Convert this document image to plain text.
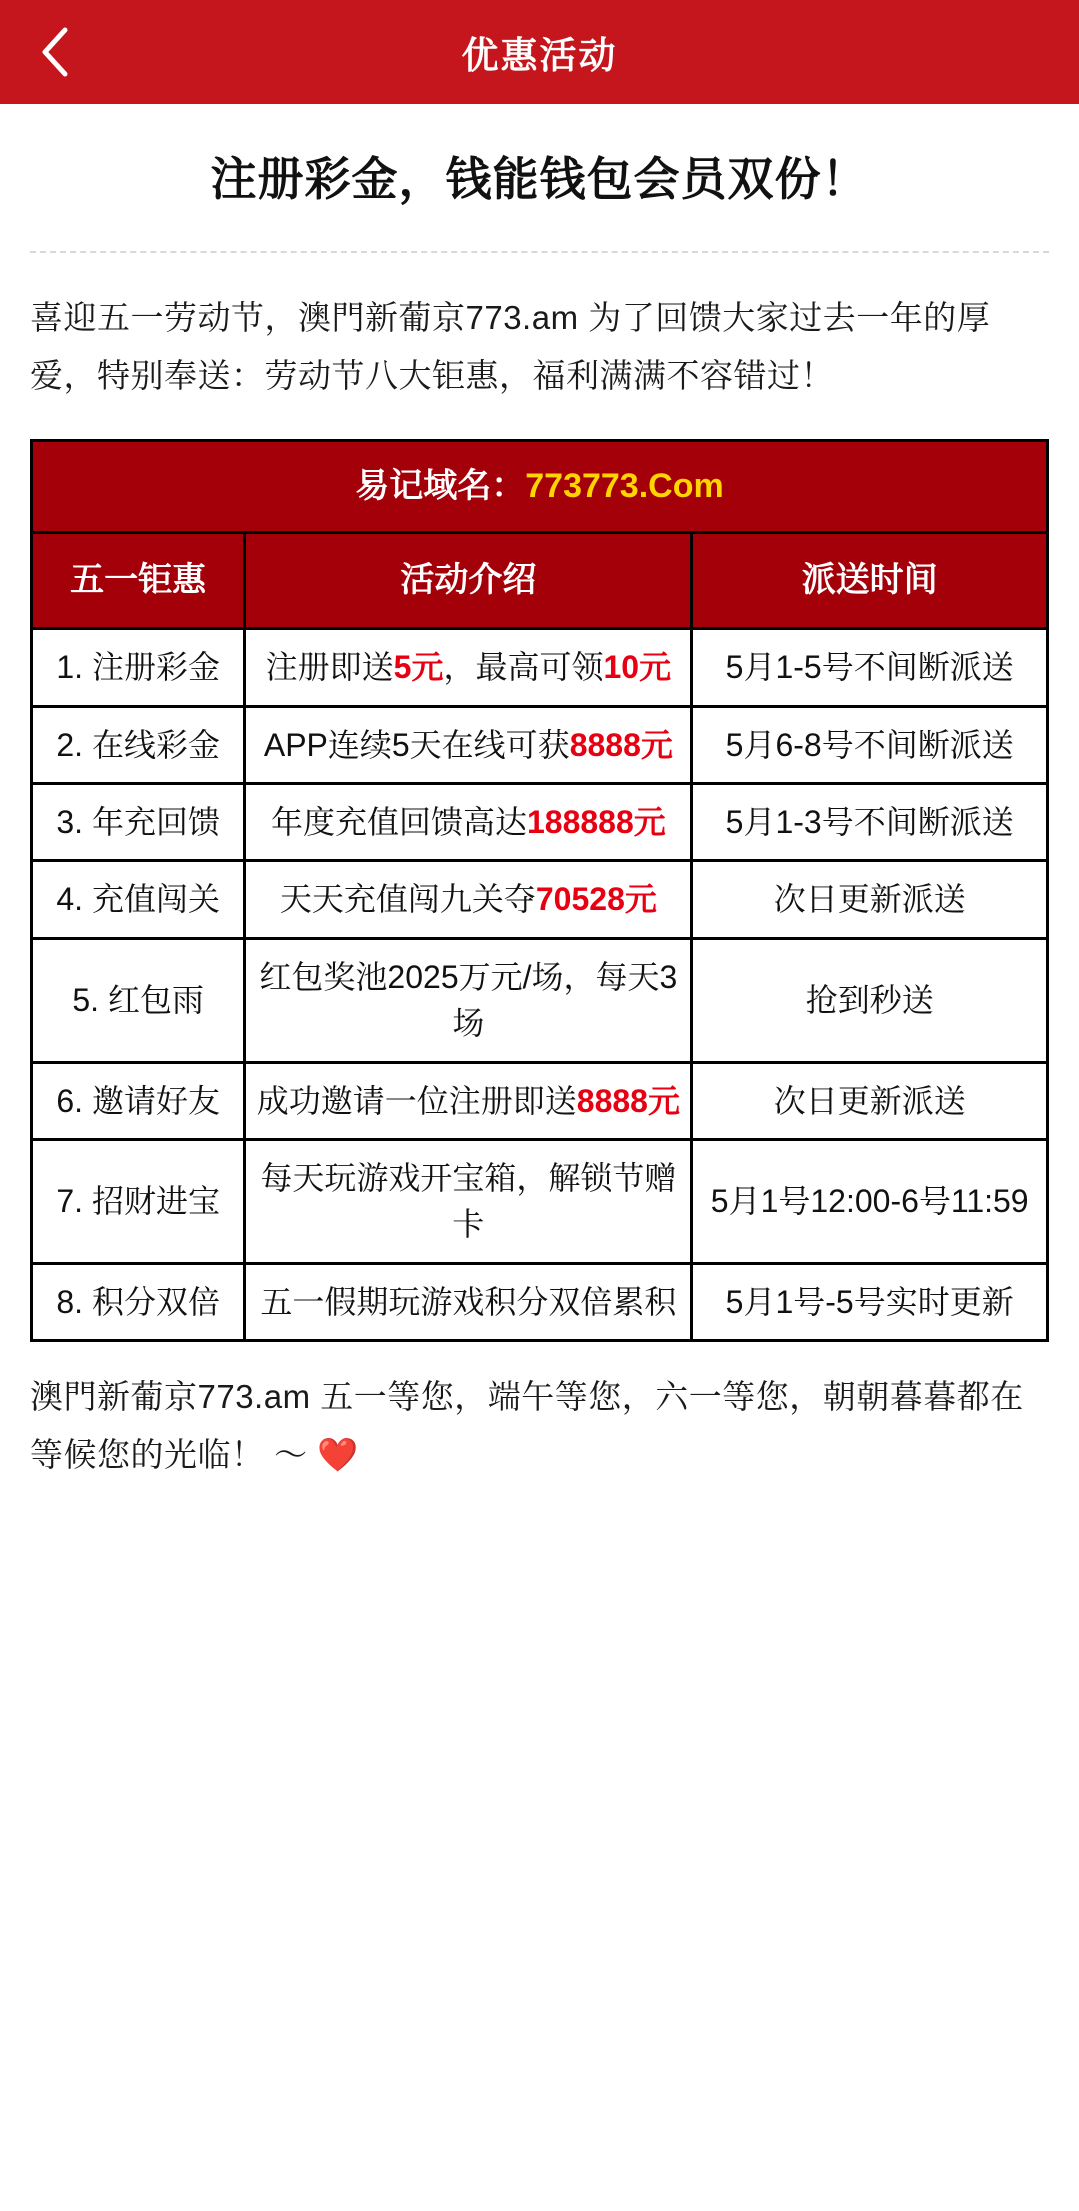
优惠活动
注册彩金，钱能钱包会员双份！

喜迎五一劳动节，澳門新葡京773.am 为了回馈大家过去一年的厚爱，特别奉送：劳动节八大钜惠，福利满满不容错过！

易记域名：773773.Com		
五一钜惠	活动介绍	派送时间
1. 注册彩金	注册即送5元，最高可领10元	5月1-5号不间断派送
2. 在线彩金	APP连续5天在线可获8888元	5月6-8号不间断派送
3. 年充回馈	年度充值回馈高达188888元	5月1-3号不间断派送
4. 充值闯关	天天充值闯九关夺70528元	次日更新派送
5. 红包雨	红包奖池2025万元/场，每天3场	抢到秒送
6. 邀请好友	成功邀请一位注册即送8888元	次日更新派送
7. 招财进宝	每天玩游戏开宝箱，解锁节赠卡	5月1号12:00-6号11:59
8. 积分双倍	五一假期玩游戏积分双倍累积	5月1号-5号实时更新

澳門新葡京773.am 五一等您，端午等您，六一等您，朝朝暮暮都在等候您的光临！ ～ ❤️
